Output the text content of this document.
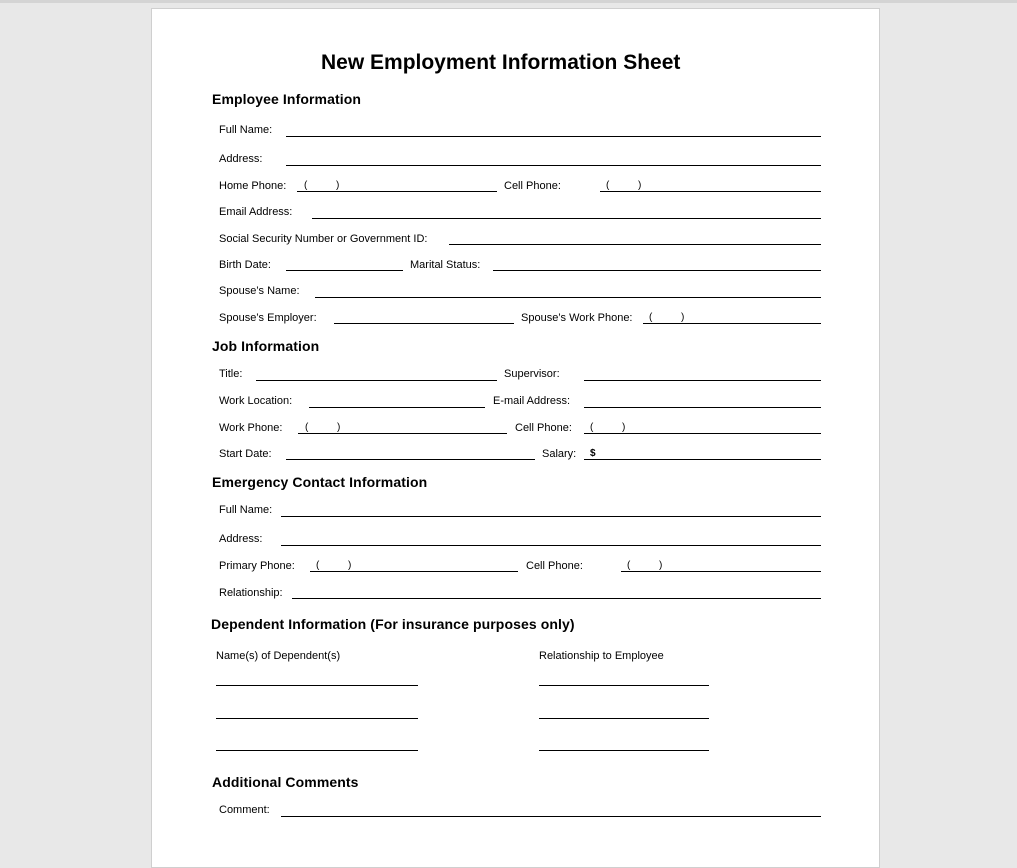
New Employment Information Sheet
Employee Information
Full Name:
Address:
Home Phone: (	)	Cell Phone:	(	)
Email Address:
Social Security Number or Government ID:
Birth Date:	Marital Status:
Spouse’s Name:
Spouse’s Employer:	Spouse’s Work Phone: (	)
Job Information
Title:	Supervisor:
Work Location:	E-mail Address:
Work Phone: (	)	Cell Phone: (	)
Start Date:	Salary: $
Emergency Contact Information
Full Name:
Address:
Primary Phone: (	)	Cell Phone:	(	)
Relationship:
Dependent Information (For insurance purposes only)
Name(s) of Dependent(s)	Relationship to Employee
Additional Comments
Comment:
